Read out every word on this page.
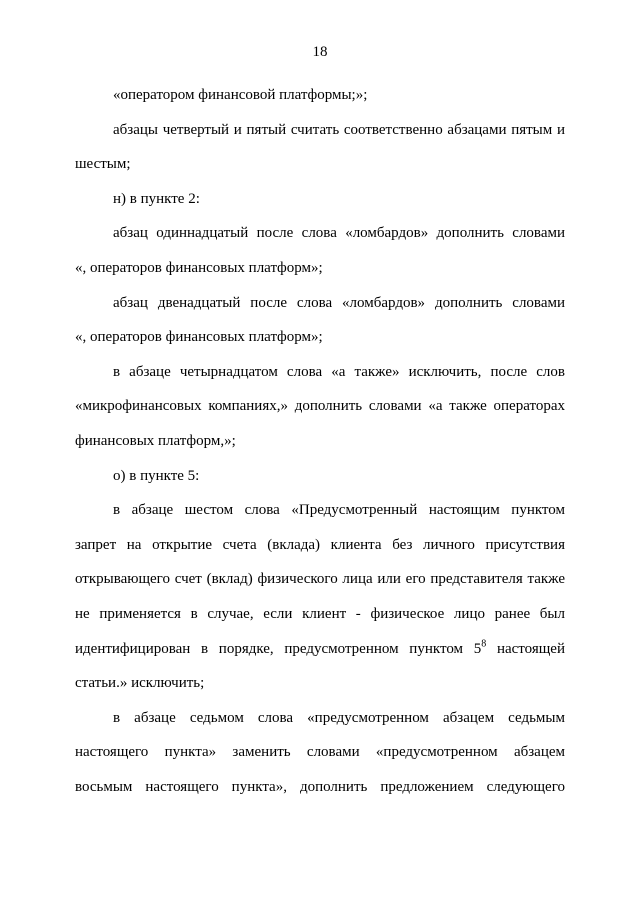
18
«оператором финансовой платформы;»;
абзацы четвертый и пятый считать соответственно абзацами пятым и
шестым;
н) в пункте 2:
абзац одиннадцатый после слова «ломбардов» дополнить словами
«, операторов финансовых платформ»;
абзац двенадцатый после слова «ломбардов» дополнить словами
«, операторов финансовых платформ»;
в абзаце четырнадцатом слова «а также» исключить, после слов
«микрофинансовых компаниях,» дополнить словами «а также операторах
финансовых платформ,»;
о) в пункте 5:
в абзаце шестом слова «Предусмотренный настоящим пунктом
запрет на открытие счета (вклада) клиента без личного присутствия
открывающего счет (вклад) физического лица или его представителя также
не применяется в случае, если клиент - физическое лицо ранее был
идентифицирован в порядке, предусмотренном пунктом $5^8$ настоящей
статьи.» исключить;
в абзаце седьмом слова «предусмотренном абзацем седьмым
настоящего пункта» заменить словами «предусмотренном абзацем
восьмым настоящего пункта», дополнить предложением следующего
